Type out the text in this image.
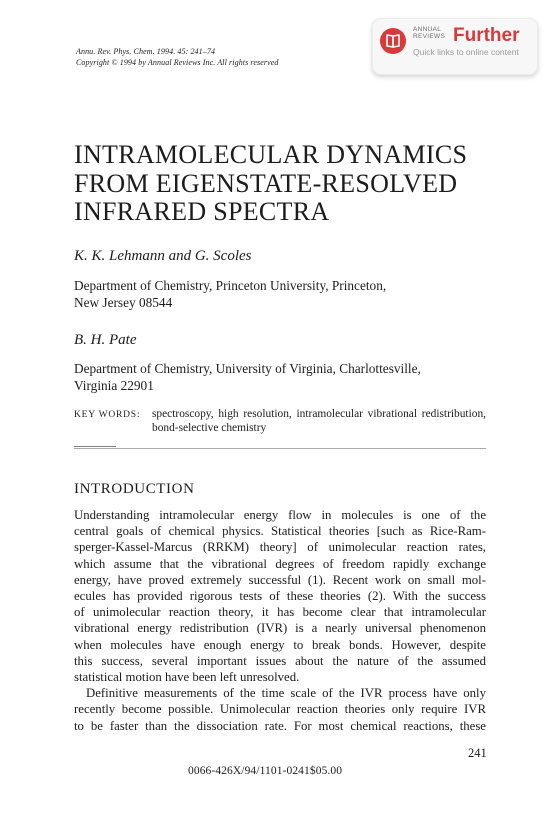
Annu. Rev. Phys. Chem. 1994. 45: 241–74
Copyright © 1994 by Annual Reviews Inc. All rights reserved
ANNUAL
REVIEWS Further
Quick links to online content
INTRAMOLECULAR DYNAMICS
FROM EIGENSTATE-RESOLVED
INFRARED SPECTRA
K. K. Lehmann and G. Scoles
Department of Chemistry, Princeton University, Princeton,
New Jersey 08544
B. H. Pate
Department of Chemistry, University of Virginia, Charlottesville,
Virginia 22901
KEY WORDS: spectroscopy, high resolution, intramolecular vibrational redistribution, bond-selective chemistry
INTRODUCTION

Understanding intramolecular energy flow in molecules is one of the

central goals of chemical physics. Statistical theories [such as Rice-Ram-

sperger-Kassel-Marcus (RRKM) theory] of unimolecular reaction rates,

which assume that the vibrational degrees of freedom rapidly exchange

energy, have proved extremely successful (1). Recent work on small mol-

ecules has provided rigorous tests of these theories (2). With the success

of unimolecular reaction theory, it has become clear that intramolecular

vibrational energy redistribution (IVR) is a nearly universal phenomenon

when molecules have enough energy to break bonds. However, despite

this success, several important issues about the nature of the assumed

statistical motion have been left unresolved.

Definitive measurements of the time scale of the IVR process have only

recently become possible. Unimolecular reaction theories only require IVR

to be faster than the dissociation rate. For most chemical reactions, these

241
0066-426X/94/1101-0241$05.00
